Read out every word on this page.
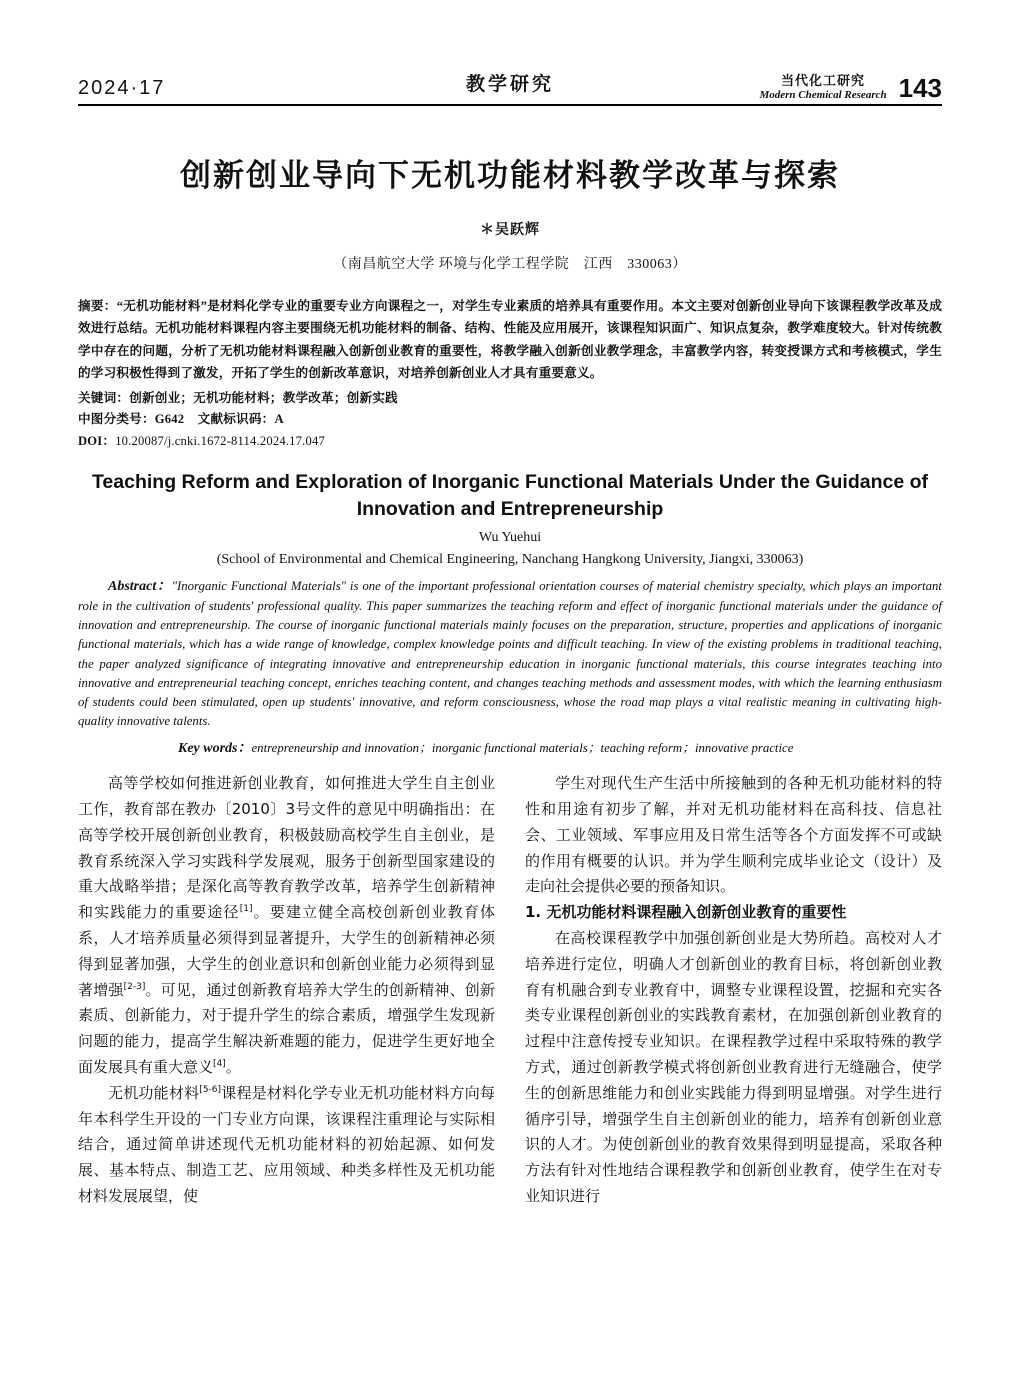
2024·17	教学研究	当代化工研究
Modern Chemical Research 143
创新创业导向下无机功能材料教学改革与探索
＊吴跃辉
（南昌航空大学 环境与化学工程学院　江西　330063）
摘要：“无机功能材料”是材料化学专业的重要专业方向课程之一，对学生专业素质的培养具有重要作用。本文主要对创新创业导向下该课程教学改革及成效进行总结。无机功能材料课程内容主要围绕无机功能材料的制备、结构、性能及应用展开，该课程知识面广、知识点复杂，教学难度较大。针对传统教学中存在的问题，分析了无机功能材料课程融入创新创业教育的重要性，将教学融入创新创业教学理念，丰富教学内容，转变授课方式和考核模式，学生的学习积极性得到了激发，开拓了学生的创新改革意识，对培养创新创业人才具有重要意义。
关键词：创新创业；无机功能材料；教学改革；创新实践
中图分类号：G642 文献标识码：A
DOI：10.20087/j.cnki.1672-8114.2024.17.047
Teaching Reform and Exploration of Inorganic Functional Materials Under the Guidance of Innovation and Entrepreneurship
Wu Yuehui
(School of Environmental and Chemical Engineering, Nanchang Hangkong University, Jiangxi, 330063)
Abstract："Inorganic Functional Materials" is one of the important professional orientation courses of material chemistry specialty, which plays an important role in the cultivation of students' professional quality. This paper summarizes the teaching reform and effect of inorganic functional materials under the guidance of innovation and entrepreneurship. The course of inorganic functional materials mainly focuses on the preparation, structure, properties and applications of inorganic functional materials, which has a wide range of knowledge, complex knowledge points and difficult teaching. In view of the existing problems in traditional teaching, the paper analyzed significance of integrating innovative and entrepreneurship education in inorganic functional materials, this course integrates teaching into innovative and entrepreneurial teaching concept, enriches teaching content, and changes teaching methods and assessment modes, with which the learning enthusiasm of students could been stimulated, open up students' innovative, and reform consciousness, whose the road map plays a vital realistic meaning in cultivating high-quality innovative talents.
Key words：entrepreneurship and innovation；inorganic functional materials；teaching reform；innovative practice

高等学校如何推进新创业教育，如何推进大学生自主创业工作，教育部在教办〔2010〕3号文件的意见中明确指出：在高等学校开展创新创业教育，积极鼓励高校学生自主创业，是教育系统深入学习实践科学发展观，服务于创新型国家建设的重大战略举措；是深化高等教育教学改革，培养学生创新精神和实践能力的重要途径[1]。要建立健全高校创新创业教育体系，人才培养质量必须得到显著提升，大学生的创新精神必须得到显著加强，大学生的创业意识和创新创业能力必须得到显著增强[2-3]。可见，通过创新教育培养大学生的创新精神、创新素质、创新能力，对于提升学生的综合素质，增强学生发现新问题的能力，提高学生解决新难题的能力，促进学生更好地全面发展具有重大意义[4]。

无机功能材料[5-6]课程是材料化学专业无机功能材料方向每年本科学生开设的一门专业方向课，该课程注重理论与实际相结合，通过简单讲述现代无机功能材料的初始起源、如何发展、基本特点、制造工艺、应用领域、种类多样性及无机功能材料发展展望，使

学生对现代生产生活中所接触到的各种无机功能材料的特性和用途有初步了解，并对无机功能材料在高科技、信息社会、工业领域、军事应用及日常生活等各个方面发挥不可或缺的作用有概要的认识。并为学生顺利完成毕业论文（设计）及走向社会提供必要的预备知识。

1. 无机功能材料课程融入创新创业教育的重要性

在高校课程教学中加强创新创业是大势所趋。高校对人才培养进行定位，明确人才创新创业的教育目标，将创新创业教育有机融合到专业教育中，调整专业课程设置，挖掘和充实各类专业课程创新创业的实践教育素材，在加强创新创业教育的过程中注意传授专业知识。在课程教学过程中采取特殊的教学方式，通过创新教学模式将创新创业教育进行无缝融合，使学生的创新思维能力和创业实践能力得到明显增强。对学生进行循序引导，增强学生自主创新创业的能力，培养有创新创业意识的人才。为使创新创业的教育效果得到明显提高，采取各种方法有针对性地结合课程教学和创新创业教育，使学生在对专业知识进行
